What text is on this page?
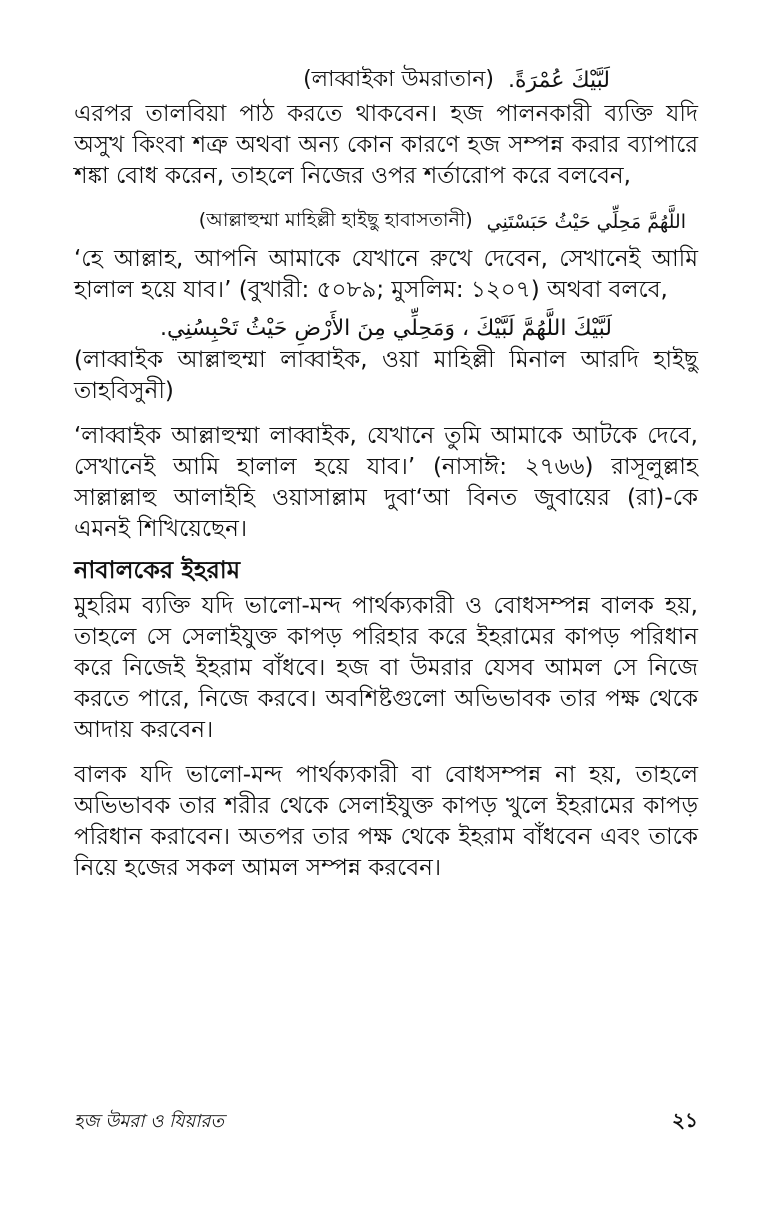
(লাব্বাইকা উমরাতান) لَبَّيْكَ عُمْرَةً.

এরপর তালবিয়া পাঠ করতে থাকবেন। হজ পালনকারী ব্যক্তি যদি অসুখ কিংবা শত্রু অথবা অন্য কোন কারণে হজ সম্পন্ন করার ব্যাপারে শঙ্কা বোধ করেন, তাহলে নিজের ওপর শর্তারোপ করে বলবেন,

(আল্লাহুম্মা মাহিল্লী হাইছু হাবাসতানী) اللَّهُمَّ مَحِلِّي حَيْثُ حَبَسْتَنِي

‘হে আল্লাহ, আপনি আমাকে যেখানে রুখে দেবেন, সেখানেই আমি হালাল হয়ে যাব।’ (বুখারী: ৫০৮৯; মুসলিম: ১২০৭) অথবা বলবে,

لَبَّيْكَ اللَّهُمَّ لَبَّيْكَ ، وَمَحِلِّي مِنَ الأَرْضِ حَيْثُ تَحْبِسُنِي.

(লাব্বাইক আল্লাহুম্মা লাব্বাইক, ওয়া মাহিল্লী মিনাল আরদি হাইছু তাহবিসুনী)

‘লাব্বাইক আল্লাহুম্মা লাব্বাইক, যেখানে তুমি আমাকে আটকে দেবে, সেখানেই আমি হালাল হয়ে যাব।’ (নাসাঈ: ২৭৬৬) রাসূলুল্লাহ সাল্লাল্লাহু আলাইহি ওয়াসাল্লাম দুবা‘আ বিনত জুবায়ের (রা)-কে এমনই শিখিয়েছেন।

নাবালকের ইহরাম

মুহরিম ব্যক্তি যদি ভালো-মন্দ পার্থক্যকারী ও বোধসম্পন্ন বালক হয়, তাহলে সে সেলাইযুক্ত কাপড় পরিহার করে ইহরামের কাপড় পরিধান করে নিজেই ইহরাম বাঁধবে। হজ বা উমরার যেসব আমল সে নিজে করতে পারে, নিজে করবে। অবশিষ্টগুলো অভিভাবক তার পক্ষ থেকে আদায় করবেন।

বালক যদি ভালো-মন্দ পার্থক্যকারী বা বোধসম্পন্ন না হয়, তাহলে অভিভাবক তার শরীর থেকে সেলাইযুক্ত কাপড় খুলে ইহরামের কাপড় পরিধান করাবেন। অতপর তার পক্ষ থেকে ইহরাম বাঁধবেন এবং তাকে নিয়ে হজের সকল আমল সম্পন্ন করবেন।

হজ উমরা ও যিয়ারত	২১
